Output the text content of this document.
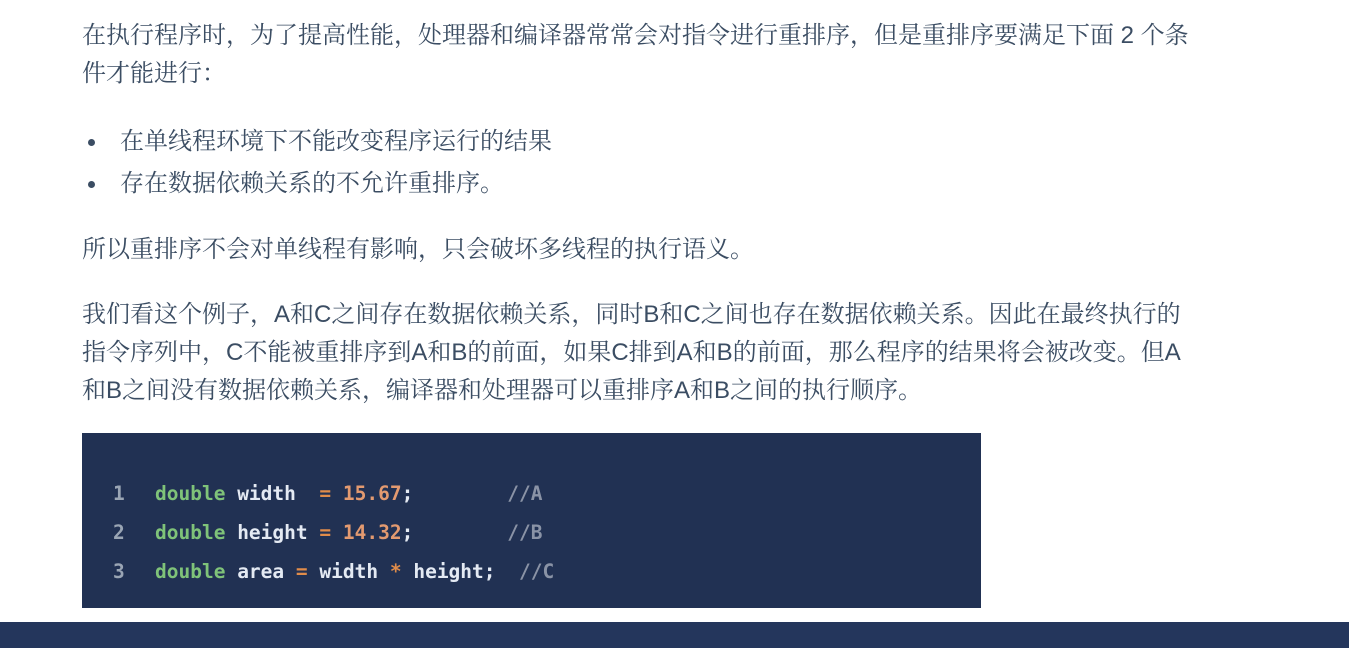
在执行程序时，为了提高性能，处理器和编译器常常会对指令进行重排序，但是重排序要满足下面 2 个条件才能进行：

在单线程环境下不能改变程序运行的结果
存在数据依赖关系的不允许重排序。

所以重排序不会对单线程有影响，只会破坏多线程的执行语义。

我们看这个例子，A和C之间存在数据依赖关系，同时B和C之间也存在数据依赖关系。因此在最终执行的指令序列中，C不能被重排序到A和B的前面，如果C排到A和B的前面，那么程序的结果将会被改变。但A和B之间没有数据依赖关系，编译器和处理器可以重排序A和B之间的执行顺序。

1 double width  = 15.67;	//A
2 double height = 14.32;	//B
3 double area = width * height; //C
